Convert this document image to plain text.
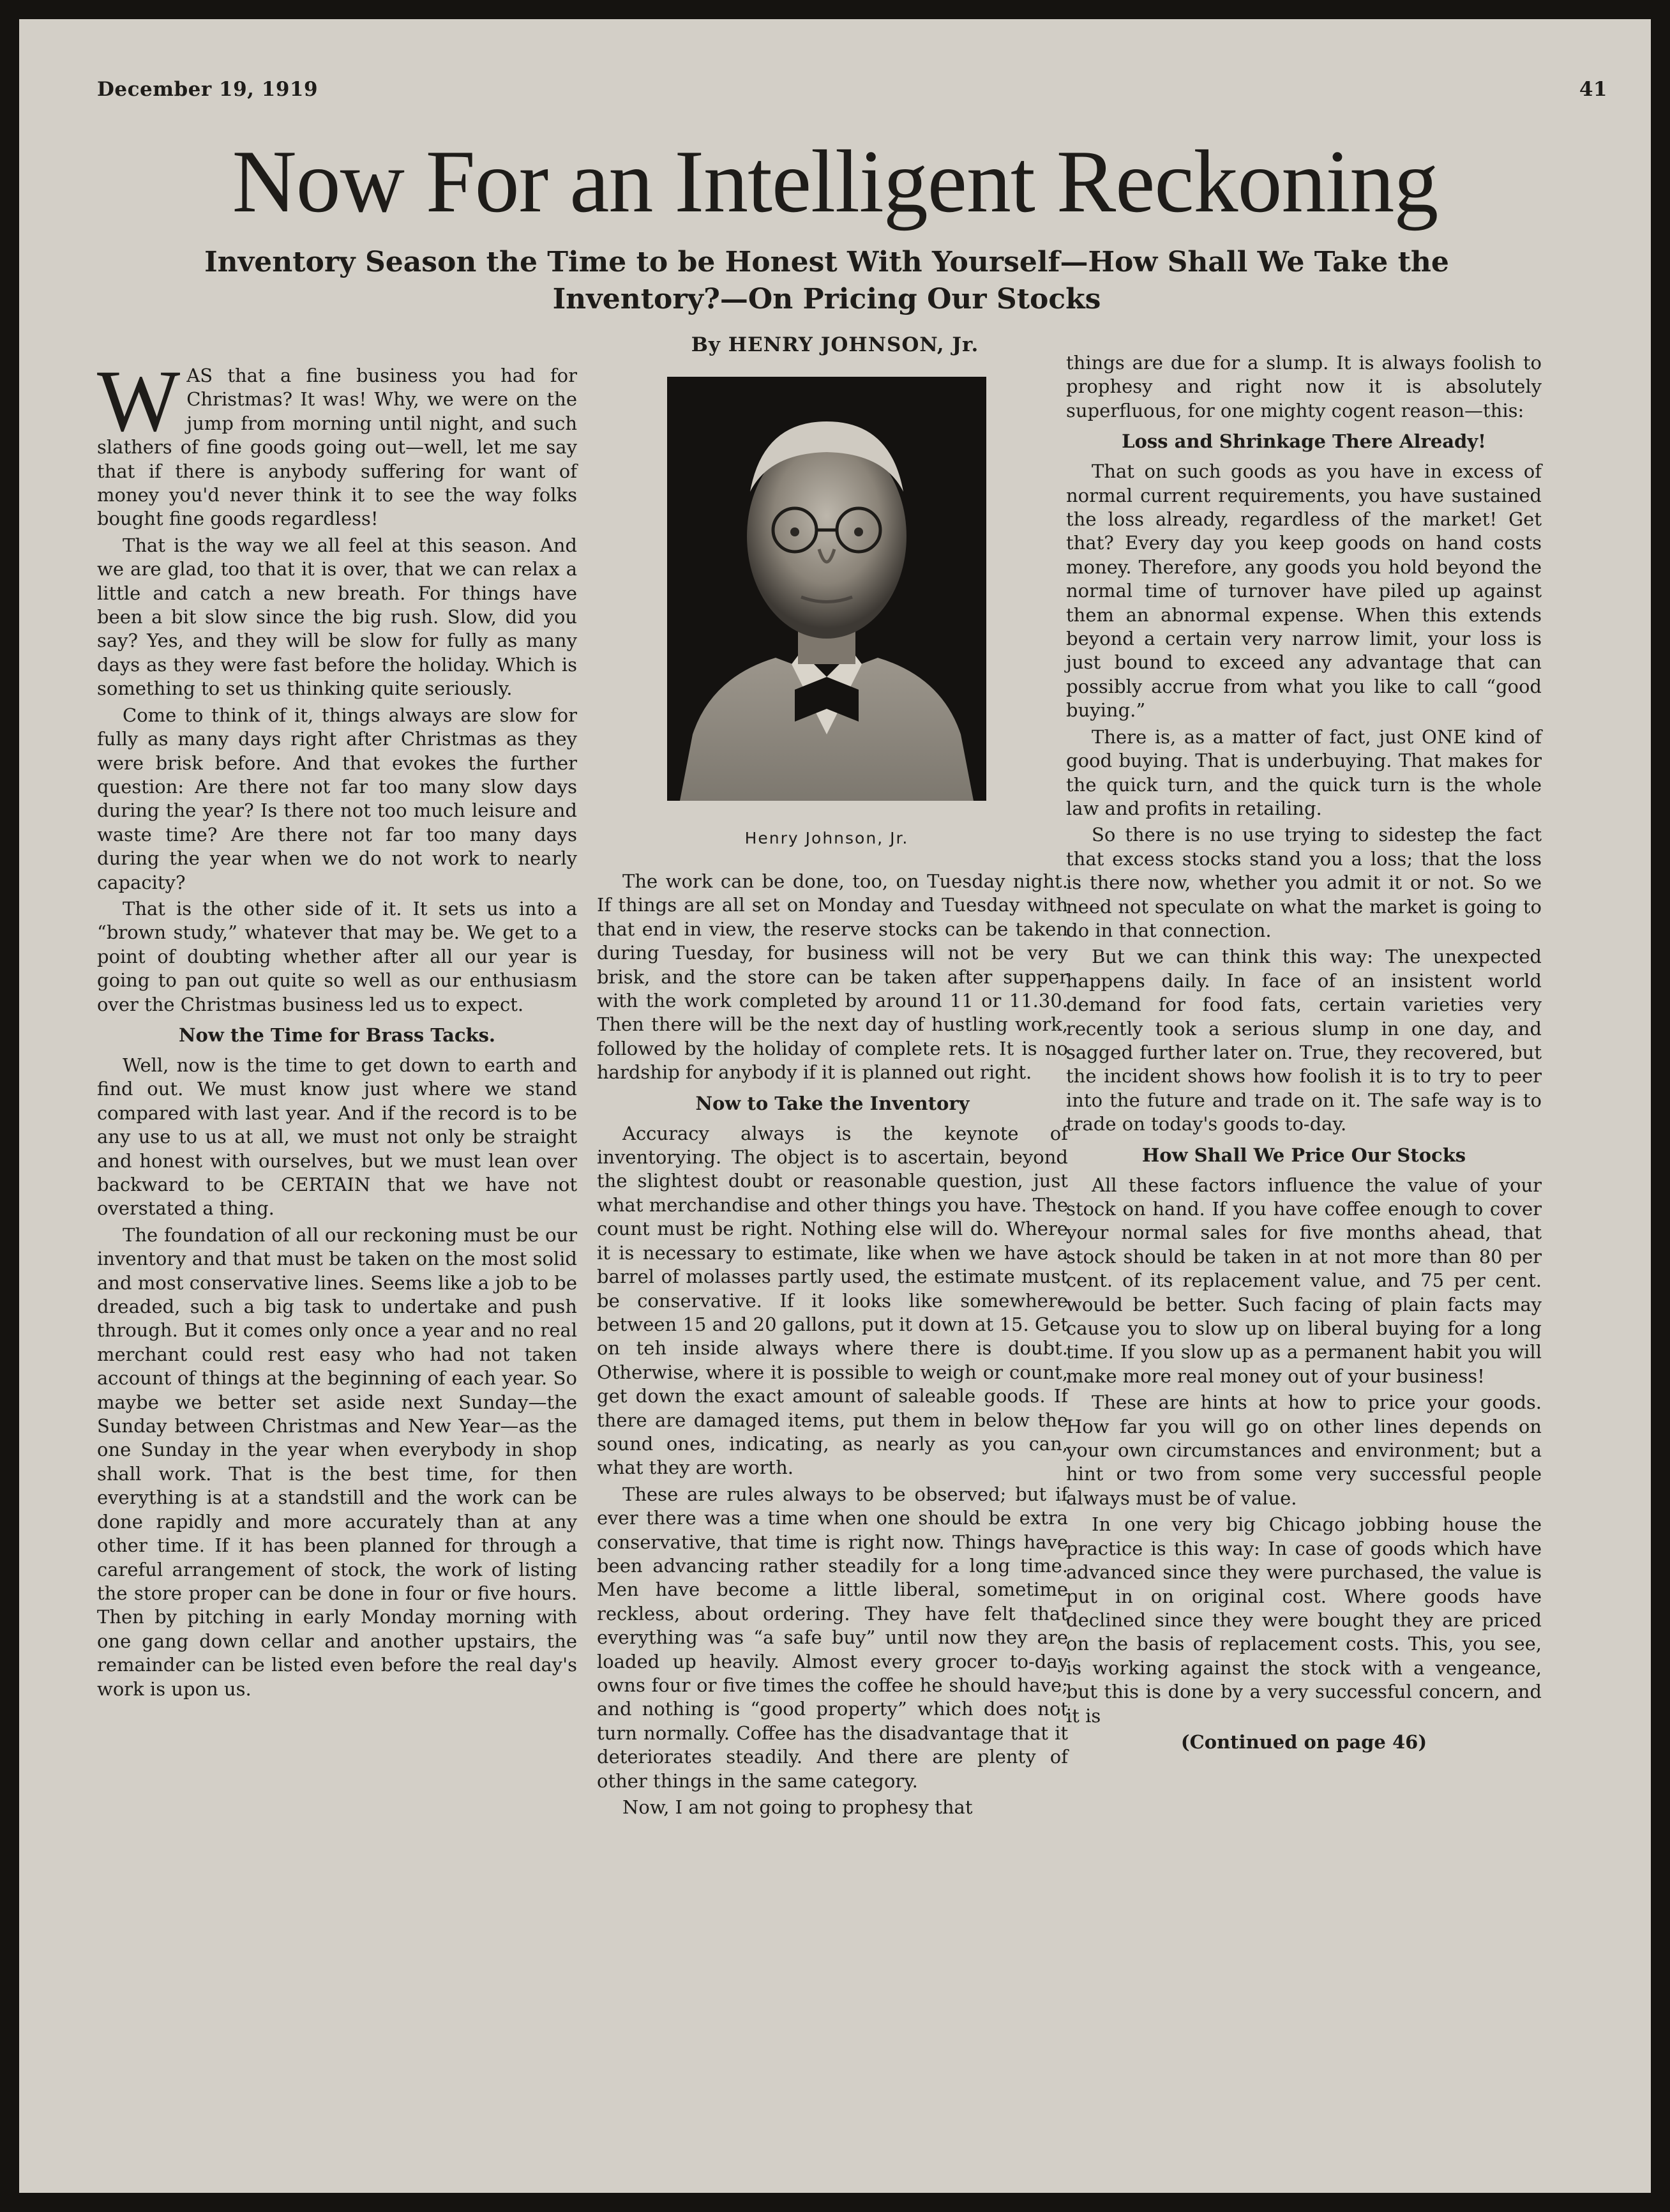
December 19, 1919	41
Now For an Intelligent Reckoning
Inventory Season the Time to be Honest With Yourself—How Shall We Take the Inventory?—On Pricing Our Stocks
By HENRY JOHNSON, Jr.

WAS that a fine business you had for Christmas? It was! Why, we were on the jump from morning until night, and such slathers of fine goods going out—well, let me say that if there is anybody suffering for want of money you'd never think it to see the way folks bought fine goods regardless!

That is the way we all feel at this season. And we are glad, too that it is over, that we can relax a little and catch a new breath. For things have been a bit slow since the big rush. Slow, did you say? Yes, and they will be slow for fully as many days as they were fast before the holiday. Which is something to set us thinking quite seriously.

Come to think of it, things always are slow for fully as many days right after Christmas as they were brisk before. And that evokes the further question: Are there not far too many slow days during the year? Is there not too much leisure and waste time? Are there not far too many days during the year when we do not work to nearly capacity?

That is the other side of it. It sets us into a “brown study,” whatever that may be. We get to a point of doubting whether after all our year is going to pan out quite so well as our enthusiasm over the Christmas business led us to expect.

Now the Time for Brass Tacks.

Well, now is the time to get down to earth and find out. We must know just where we stand compared with last year. And if the record is to be any use to us at all, we must not only be straight and honest with ourselves, but we must lean over backward to be CERTAIN that we have not overstated a thing.

The foundation of all our reckoning must be our inventory and that must be taken on the most solid and most conservative lines. Seems like a job to be dreaded, such a big task to undertake and push through. But it comes only once a year and no real merchant could rest easy who had not taken account of things at the beginning of each year. So maybe we better set aside next Sunday—the Sunday between Christmas and New Year—as the one Sunday in the year when everybody in shop shall work. That is the best time, for then everything is at a standstill and the work can be done rapidly and more accurately than at any other time. If it has been planned for through a careful arrangement of stock, the work of listing the store proper can be done in four or five hours. Then by pitching in early Monday morning with one gang down cellar and another upstairs, the remainder can be listed even before the real day's work is upon us.

Henry Johnson, Jr.

The work can be done, too, on Tuesday night. If things are all set on Monday and Tuesday with that end in view, the reserve stocks can be taken during Tuesday, for business will not be very brisk, and the store can be taken after supper with the work completed by around 11 or 11.30. Then there will be the next day of hustling work, followed by the holiday of complete rets. It is no hardship for anybody if it is planned out right.

Now to Take the Inventory

Accuracy always is the keynote of inventorying. The object is to ascertain, beyond the slightest doubt or reasonable question, just what merchandise and other things you have. The count must be right. Nothing else will do. Where it is necessary to estimate, like when we have a barrel of molasses partly used, the estimate must be conservative. If it looks like somewhere between 15 and 20 gallons, put it down at 15. Get on teh inside always where there is doubt. Otherwise, where it is possible to weigh or count, get down the exact amount of saleable goods. If there are damaged items, put them in below the sound ones, indicating, as nearly as you can, what they are worth.

These are rules always to be observed; but if ever there was a time when one should be extra conservative, that time is right now. Things have been advancing rather steadily for a long time. Men have become a little liberal, sometime reckless, about ordering. They have felt that everything was “a safe buy” until now they are loaded up heavily. Almost every grocer to-day owns four or five times the coffee he should have; and nothing is “good property” which does not turn normally. Coffee has the disadvantage that it deteriorates steadily. And there are plenty of other things in the same category.

Now, I am not going to prophesy that

things are due for a slump. It is always foolish to prophesy and right now it is absolutely superfluous, for one mighty cogent reason—this:

Loss and Shrinkage There Already!

That on such goods as you have in excess of normal current requirements, you have sustained the loss already, regardless of the market! Get that? Every day you keep goods on hand costs money. Therefore, any goods you hold beyond the normal time of turnover have piled up against them an abnormal expense. When this extends beyond a certain very narrow limit, your loss is just bound to exceed any advantage that can possibly accrue from what you like to call “good buying.”

There is, as a matter of fact, just ONE kind of good buying. That is underbuying. That makes for the quick turn, and the quick turn is the whole law and profits in retailing.

So there is no use trying to sidestep the fact that excess stocks stand you a loss; that the loss is there now, whether you admit it or not. So we need not speculate on what the market is going to do in that connection.

But we can think this way: The unexpected happens daily. In face of an insistent world demand for food fats, certain varieties very recently took a serious slump in one day, and sagged further later on. True, they recovered, but the incident shows how foolish it is to try to peer into the future and trade on it. The safe way is to trade on today's goods to-day.

How Shall We Price Our Stocks

All these factors influence the value of your stock on hand. If you have coffee enough to cover your normal sales for five months ahead, that stock should be taken in at not more than 80 per cent. of its replacement value, and 75 per cent. would be better. Such facing of plain facts may cause you to slow up on liberal buying for a long time. If you slow up as a permanent habit you will make more real money out of your business!

These are hints at how to price your goods. How far you will go on other lines depends on your own circumstances and environment; but a hint or two from some very successful people always must be of value.

In one very big Chicago jobbing house the practice is this way: In case of goods which have advanced since they were purchased, the value is put in on original cost. Where goods have declined since they were bought they are priced on the basis of replacement costs. This, you see, is working against the stock with a vengeance, but this is done by a very successful concern, and it is

(Continued on page 46)
